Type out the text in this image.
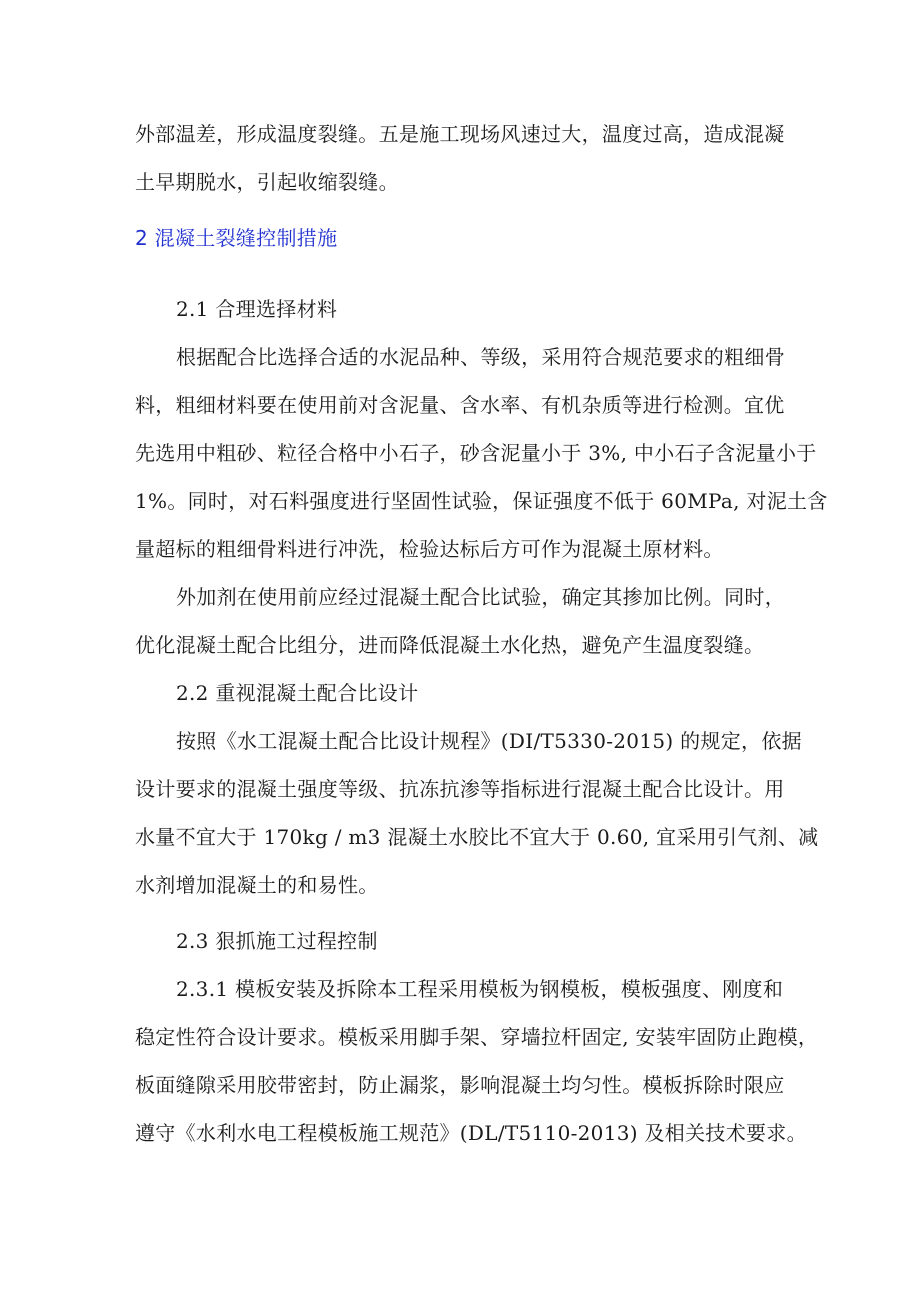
外部温差，形成温度裂缝。五是施工现场风速过大，温度过高，造成混凝
土早期脱水，引起收缩裂缝。
2 混凝土裂缝控制措施
2.1 合理选择材料
根据配合比选择合适的水泥品种、等级，采用符合规范要求的粗细骨
料，粗细材料要在使用前对含泥量、含水率、有机杂质等进行检测。宜优
先选用中粗砂、粒径合格中小石子，砂含泥量小于 3%, 中小石子含泥量小于
1%。同时，对石料强度进行坚固性试验，保证强度不低于 60MPa, 对泥土含
量超标的粗细骨料进行冲洗，检验达标后方可作为混凝土原材料。
外加剂在使用前应经过混凝土配合比试验，确定其掺加比例。同时，
优化混凝土配合比组分，进而降低混凝土水化热，避免产生温度裂缝。
2.2 重视混凝土配合比设计
按照《水工混凝土配合比设计规程》(DI/T5330-2015) 的规定，依据
设计要求的混凝土强度等级、抗冻抗渗等指标进行混凝土配合比设计。用
水量不宜大于 170kg / m3 混凝土水胶比不宜大于 0.60, 宜采用引气剂、减
水剂增加混凝土的和易性。
2.3 狠抓施工过程控制
2.3.1 模板安装及拆除本工程采用模板为钢模板，模板强度、刚度和
稳定性符合设计要求。模板采用脚手架、穿墙拉杆固定, 安装牢固防止跑模，
板面缝隙采用胶带密封，防止漏浆，影响混凝土均匀性。模板拆除时限应
遵守《水利水电工程模板施工规范》(DL/T5110-2013) 及相关技术要求。
